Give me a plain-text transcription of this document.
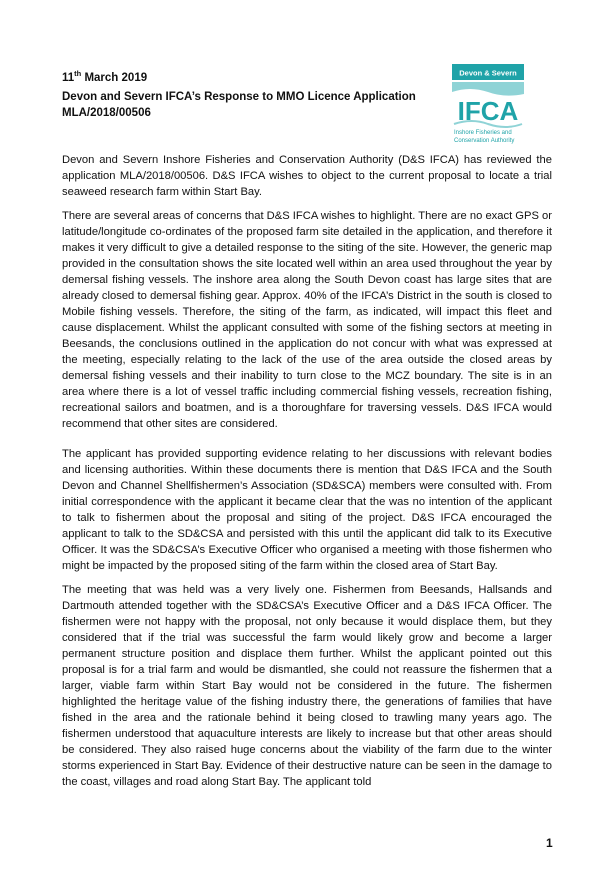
11th March 2019
Devon and Severn IFCA’s Response to MMO Licence Application MLA/2018/00506
Devon & Severn
IFCA
Inshore Fisheries and
Conservation Authority

Devon and Severn Inshore Fisheries and Conservation Authority (D&S IFCA) has reviewed the application MLA/2018/00506. D&S IFCA wishes to object to the current proposal to locate a trial seaweed research farm within Start Bay.

There are several areas of concerns that D&S IFCA wishes to highlight. There are no exact GPS or latitude/longitude co-ordinates of the proposed farm site detailed in the application, and therefore it makes it very difficult to give a detailed response to the siting of the site. However, the generic map provided in the consultation shows the site located well within an area used throughout the year by demersal fishing vessels. The inshore area along the South Devon coast has large sites that are already closed to demersal fishing gear. Approx. 40% of the IFCA’s District in the south is closed to Mobile fishing vessels. Therefore, the siting of the farm, as indicated, will impact this fleet and cause displacement. Whilst the applicant consulted with some of the fishing sectors at meeting in Beesands, the conclusions outlined in the application do not concur with what was expressed at the meeting, especially relating to the lack of the use of the area outside the closed areas by demersal fishing vessels and their inability to turn close to the MCZ boundary. The site is in an area where there is a lot of vessel traffic including commercial fishing vessels, recreation fishing, recreational sailors and boatmen, and is a thoroughfare for traversing vessels. D&S IFCA would recommend that other sites are considered.

The applicant has provided supporting evidence relating to her discussions with relevant bodies and licensing authorities. Within these documents there is mention that D&S IFCA and the South Devon and Channel Shellfishermen’s Association (SD&SCA) members were consulted with. From initial correspondence with the applicant it became clear that the was no intention of the applicant to talk to fishermen about the proposal and siting of the project. D&S IFCA encouraged the applicant to talk to the SD&CSA and persisted with this until the applicant did talk to its Executive Officer. It was the SD&CSA’s Executive Officer who organised a meeting with those fishermen who might be impacted by the proposed siting of the farm within the closed area of Start Bay.

The meeting that was held was a very lively one. Fishermen from Beesands, Hallsands and Dartmouth attended together with the SD&CSA’s Executive Officer and a D&S IFCA Officer. The fishermen were not happy with the proposal, not only because it would displace them, but they considered that if the trial was successful the farm would likely grow and become a larger permanent structure position and displace them further. Whilst the applicant pointed out this proposal is for a trial farm and would be dismantled, she could not reassure the fishermen that a larger, viable farm within Start Bay would not be considered in the future. The fishermen highlighted the heritage value of the fishing industry there, the generations of families that have fished in the area and the rationale behind it being closed to trawling many years ago. The fishermen understood that aquaculture interests are likely to increase but that other areas should be considered. They also raised huge concerns about the viability of the farm due to the winter storms experienced in Start Bay. Evidence of their destructive nature can be seen in the damage to the coast, villages and road along Start Bay. The applicant told

1
